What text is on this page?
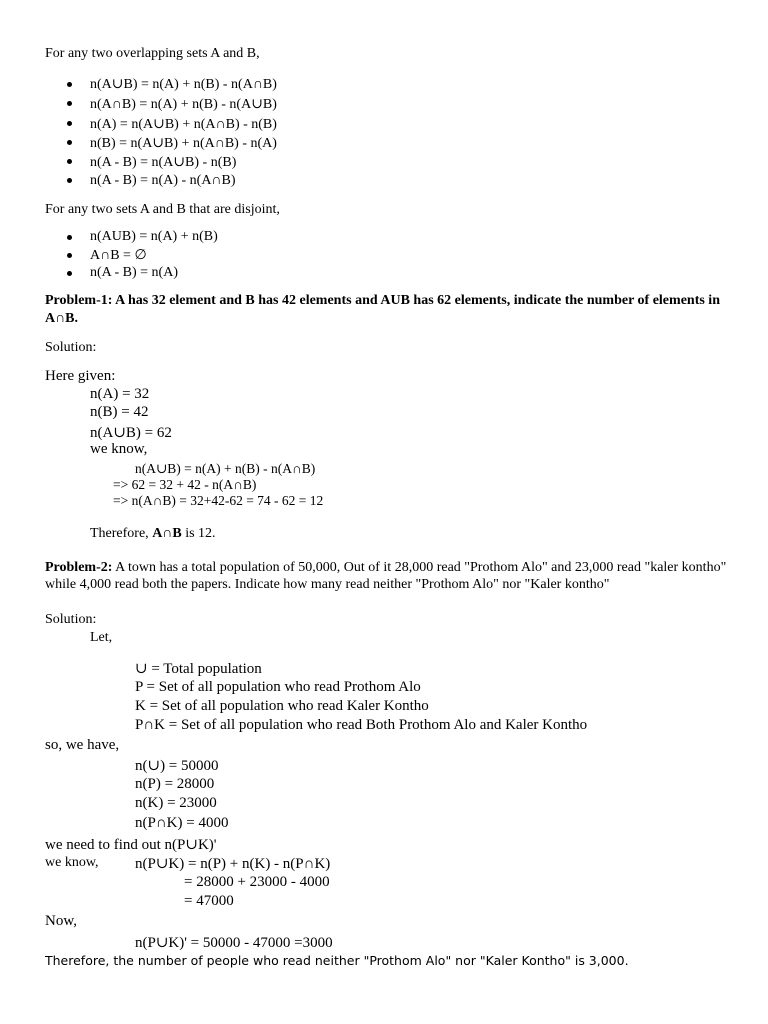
For any two overlapping sets A and B,
n(A∪B) = n(A) + n(B) - n(A∩B)
n(A∩B) = n(A) + n(B) - n(A∪B)
n(A) = n(A∪B) + n(A∩B) - n(B)
n(B) = n(A∪B) + n(A∩B) - n(A)
n(A - B) = n(A∪B) - n(B)
n(A - B) = n(A) - n(A∩B)
For any two sets A and B that are disjoint,
n(AUB) = n(A) + n(B)
A∩B = ∅
n(A - B) = n(A)
Problem-1: A has 32 element and B has 42 elements and AUB has 62 elements, indicate the number of elements in
A∩B.
Solution:
Here given:
n(A) = 32
n(B) = 42
n(A∪B) = 62
we know,
n(A∪B) = n(A) + n(B) - n(A∩B)
=> 62 = 32 + 42 - n(A∩B)
=> n(A∩B) = 32+42-62 = 74 - 62 = 12
Therefore, A∩B is 12.
Problem-2: A town has a total population of 50,000, Out of it 28,000 read "Prothom Alo" and 23,000 read "kaler kontho"
while 4,000 read both the papers. Indicate how many read neither "Prothom Alo" nor "Kaler kontho"
Solution:
Let,
∪ = Total population
P = Set of all population who read Prothom Alo
K = Set of all population who read Kaler Kontho
P∩K = Set of all population who read Both Prothom Alo and Kaler Kontho
so, we have,
n(∪) = 50000
n(P) = 28000
n(K) = 23000
n(P∩K) = 4000
we need to find out n(P∪K)'
we know, n(P∪K) = n(P) + n(K) - n(P∩K)
= 28000 + 23000 - 4000
= 47000
Now,
n(P∪K)' = 50000 - 47000 =3000
Therefore, the number of people who read neither "Prothom Alo" nor "Kaler Kontho" is 3,000.
